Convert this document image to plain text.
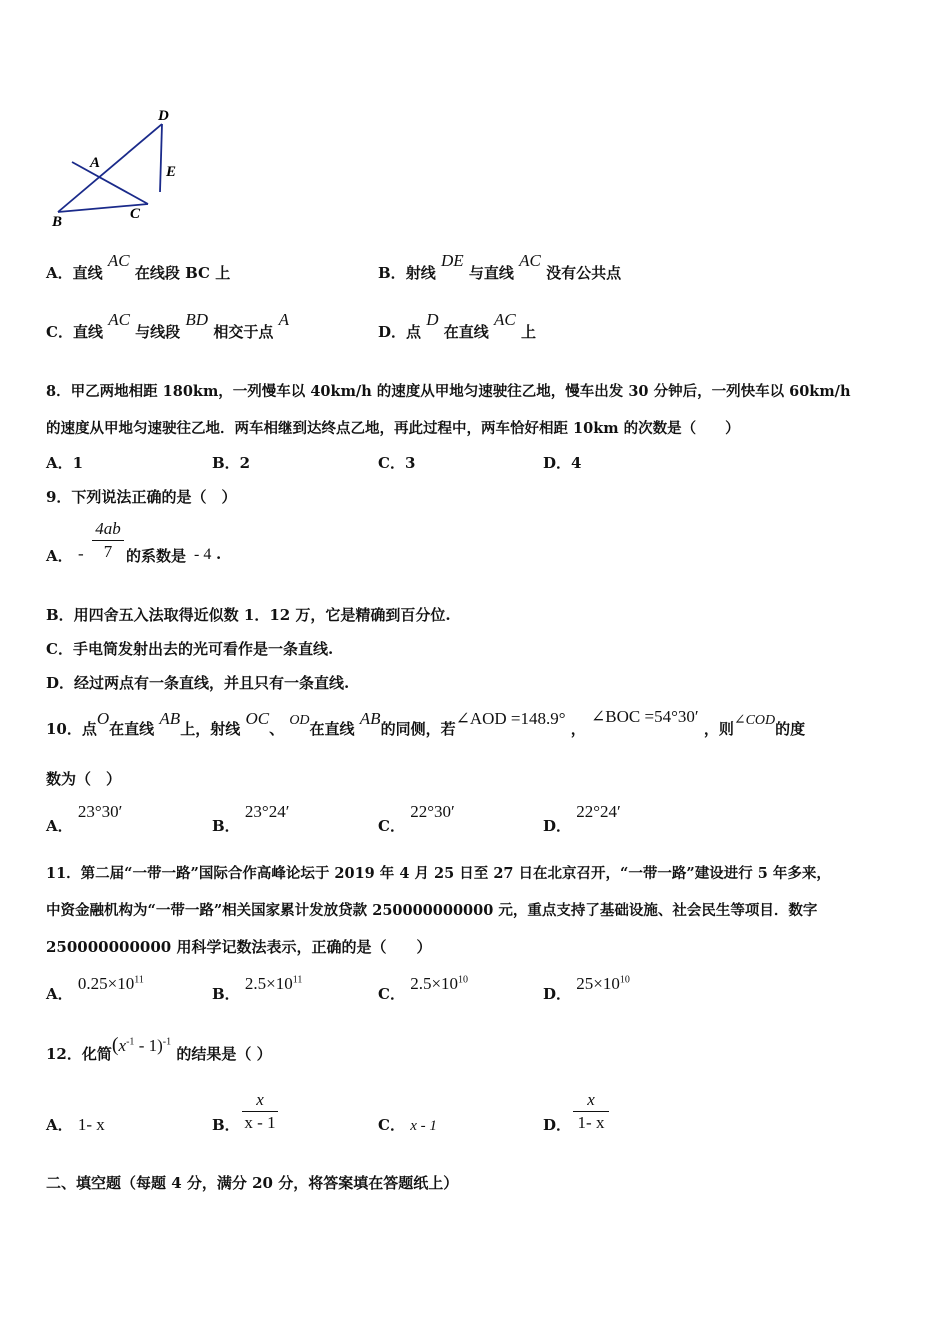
D
A
E
B	C
A．直线 AC 在线段 BC 上	B．射线 DE 与直线 AC 没有公共点
C．直线 AC 与线段 BD 相交于点 A
D．点 D 在直线 AC 上
8．甲乙两地相距 180km，一列慢车以 40km/h 的速度从甲地匀速驶往乙地，慢车出发 30 分钟后，一列快车以 60km/h
的速度从甲地匀速驶往乙地．两车相继到达终点乙地，再此过程中，两车恰好相距 10km 的次数是（　　）
A．1	B．2	C．3	D．4
9．下列说法正确的是（　）
A． -
4ab
7 的系数是 - 4 .
B．用四舍五入法取得近似数 1．12 万，它是精确到百分位.
C．手电筒发射出去的光可看作是一条直线.
D．经过两点有一条直线，并且只有一条直线.
10．点O在直线 AB上，射线 OC、 OD在直线 AB的同侧，若∠AOD =148.9° ， ∠BOC =54°30′ ，则∠COD的度
数为（　）
A． 23°30′
B． 23°24′
C． 22°30′
D． 22°24′
11．第二届“一带一路”国际合作高峰论坛于 2019 年 4 月 25 日至 27 日在北京召开，“一带一路”建设进行 5 年多来，
中资金融机构为“一带一路”相关国家累计发放贷款 250000000000 元，重点支持了基础设施、社会民生等项目．数字
250000000000 用科学记数法表示，正确的是（　　）
A． $0.25\times 10^{11}$
B． $2.5\times 10^{11}$
C． $2.5\times 10^{10}$
D． $25\times 10^{10}$
12．化简$(x^{-1} - 1)^{-1}$ 的结果是（ ）
A． 1- x	B．
x
x - 1	C． x - 1	D．
x
1- x
二、填空题（每题 4 分，满分 20 分，将答案填在答题纸上）
